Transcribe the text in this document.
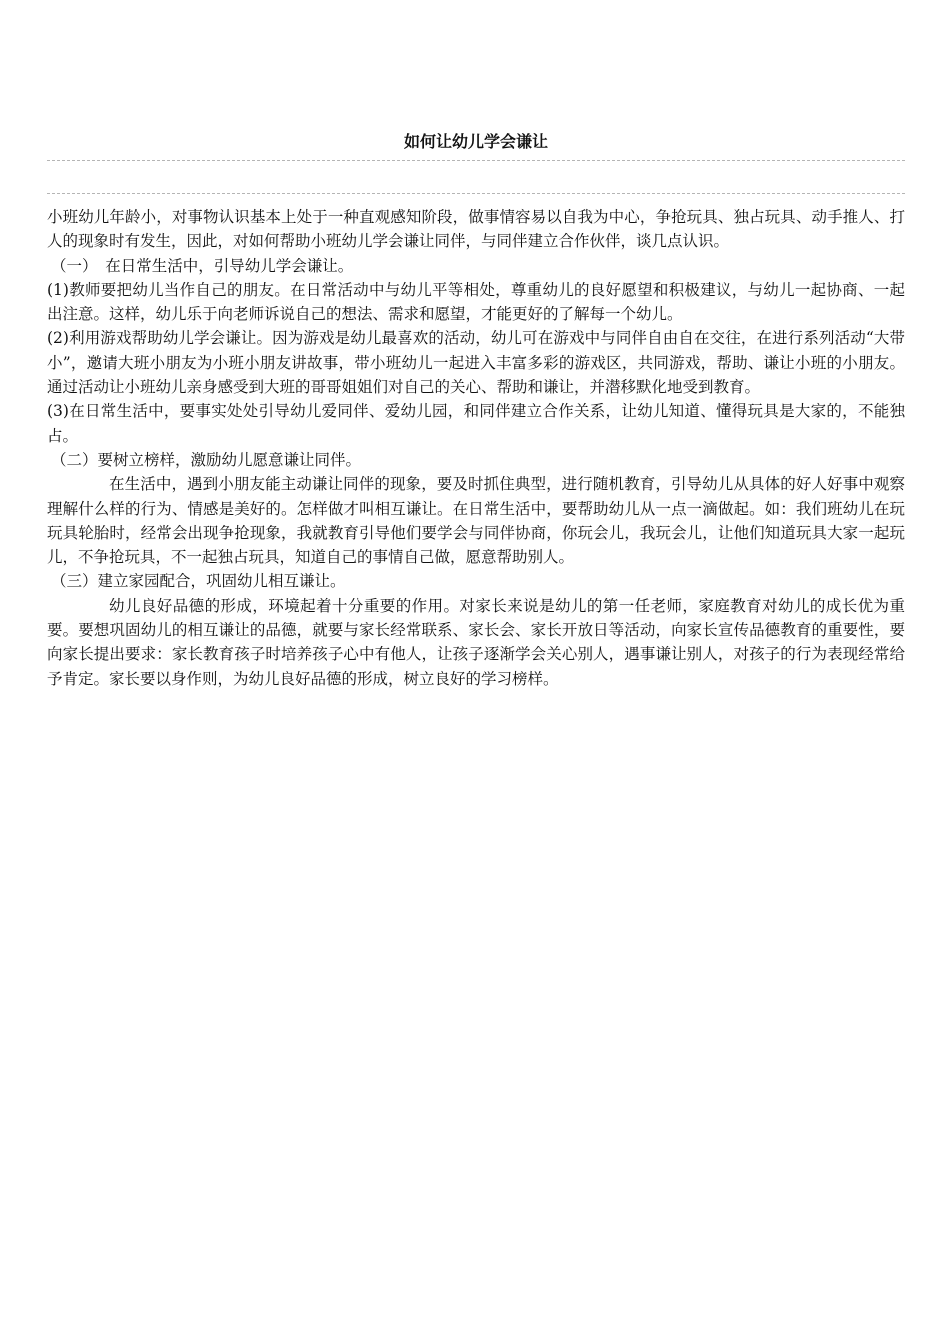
如何让幼儿学会谦让

小班幼儿年龄小，对事物认识基本上处于一种直观感知阶段，做事情容易以自我为中心，争抢玩具、独占玩具、动手推人、打人的现象时有发生，因此，对如何帮助小班幼儿学会谦让同伴，与同伴建立合作伙伴，谈几点认识。

（一）　在日常生活中，引导幼儿学会谦让。

(1)教师要把幼儿当作自己的朋友。在日常活动中与幼儿平等相处，尊重幼儿的良好愿望和积极建议，与幼儿一起协商、一起出注意。这样，幼儿乐于向老师诉说自己的想法、需求和愿望，才能更好的了解每一个幼儿。

(2)利用游戏帮助幼儿学会谦让。因为游戏是幼儿最喜欢的活动，幼儿可在游戏中与同伴自由自在交往，在进行系列活动“大带小”，邀请大班小朋友为小班小朋友讲故事，带小班幼儿一起进入丰富多彩的游戏区，共同游戏，帮助、谦让小班的小朋友。通过活动让小班幼儿亲身感受到大班的哥哥姐姐们对自己的关心、帮助和谦让，并潜移默化地受到教育。

(3)在日常生活中，要事实处处引导幼儿爱同伴、爱幼儿园，和同伴建立合作关系，让幼儿知道、懂得玩具是大家的，不能独占。

（二）要树立榜样，激励幼儿愿意谦让同伴。

在生活中，遇到小朋友能主动谦让同伴的现象，要及时抓住典型，进行随机教育，引导幼儿从具体的好人好事中观察理解什么样的行为、情感是美好的。怎样做才叫相互谦让。在日常生活中，要帮助幼儿从一点一滴做起。如：我们班幼儿在玩玩具轮胎时，经常会出现争抢现象，我就教育引导他们要学会与同伴协商，你玩会儿，我玩会儿，让他们知道玩具大家一起玩儿，不争抢玩具，不一起独占玩具，知道自己的事情自己做，愿意帮助别人。

（三）建立家园配合，巩固幼儿相互谦让。

幼儿良好品德的形成，环境起着十分重要的作用。对家长来说是幼儿的第一任老师，家庭教育对幼儿的成长优为重要。要想巩固幼儿的相互谦让的品德，就要与家长经常联系、家长会、家长开放日等活动，向家长宣传品德教育的重要性，要向家长提出要求：家长教育孩子时培养孩子心中有他人，让孩子逐渐学会关心别人，遇事谦让别人，对孩子的行为表现经常给予肯定。家长要以身作则，为幼儿良好品德的形成，树立良好的学习榜样。
